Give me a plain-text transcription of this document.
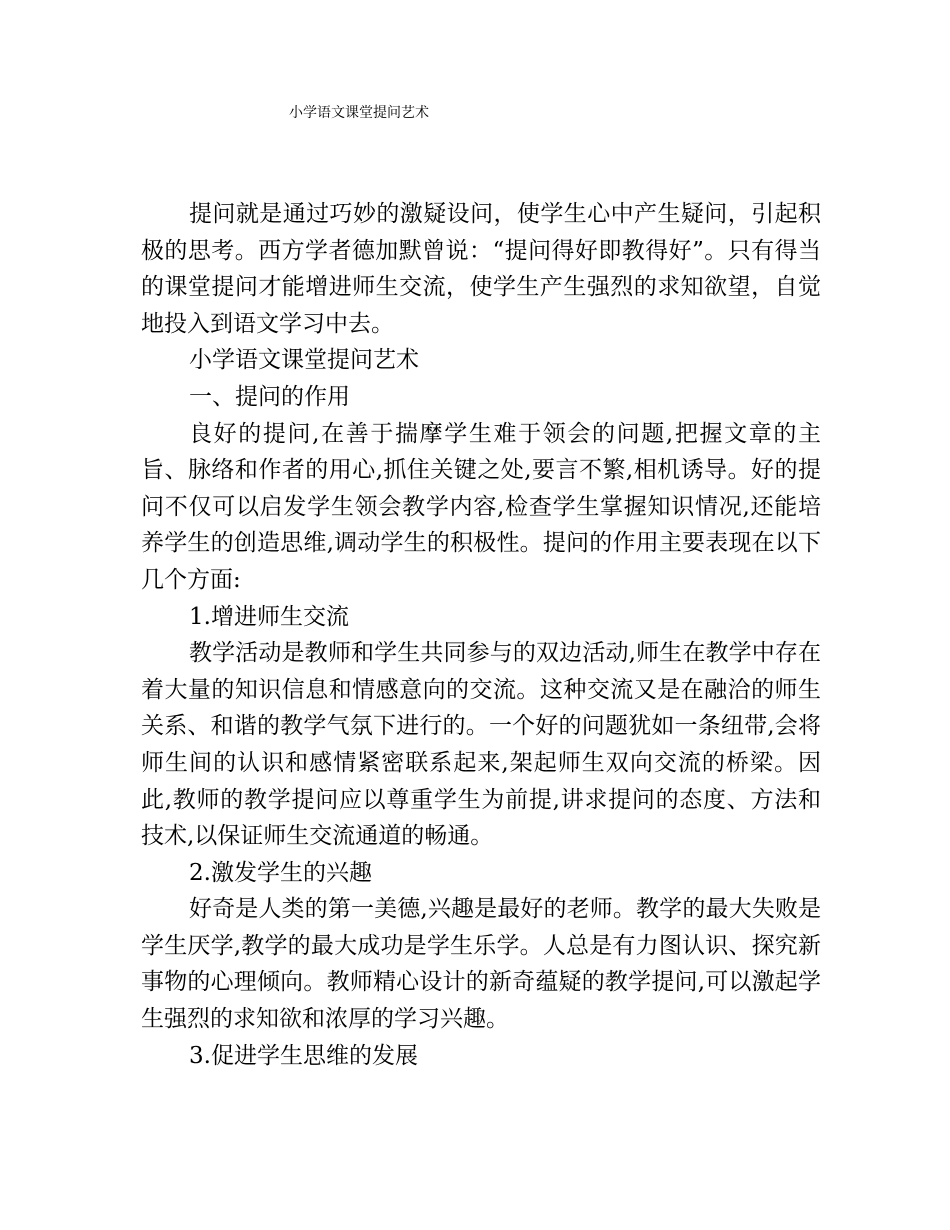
小学语文课堂提问艺术

提问就是通过巧妙的激疑设问，使学生心中产生疑问，引起积极的思考。西方学者德加默曾说：“提问得好即教得好”。只有得当的课堂提问才能增进师生交流，使学生产生强烈的求知欲望，自觉地投入到语文学习中去。

小学语文课堂提问艺术

一、提问的作用

良好的提问,在善于揣摩学生难于领会的问题,把握文章的主旨、脉络和作者的用心,抓住关键之处,要言不繁,相机诱导。好的提问不仅可以启发学生领会教学内容,检查学生掌握知识情况,还能培养学生的创造思维,调动学生的积极性。提问的作用主要表现在以下几个方面:

1.增进师生交流

教学活动是教师和学生共同参与的双边活动,师生在教学中存在着大量的知识信息和情感意向的交流。这种交流又是在融洽的师生关系、和谐的教学气氛下进行的。一个好的问题犹如一条纽带,会将师生间的认识和感情紧密联系起来,架起师生双向交流的桥梁。因此,教师的教学提问应以尊重学生为前提,讲求提问的态度、方法和技术,以保证师生交流通道的畅通。

2.激发学生的兴趣

好奇是人类的第一美德,兴趣是最好的老师。教学的最大失败是学生厌学,教学的最大成功是学生乐学。人总是有力图认识、探究新事物的心理倾向。教师精心设计的新奇蕴疑的教学提问,可以激起学生强烈的求知欲和浓厚的学习兴趣。

3.促进学生思维的发展
